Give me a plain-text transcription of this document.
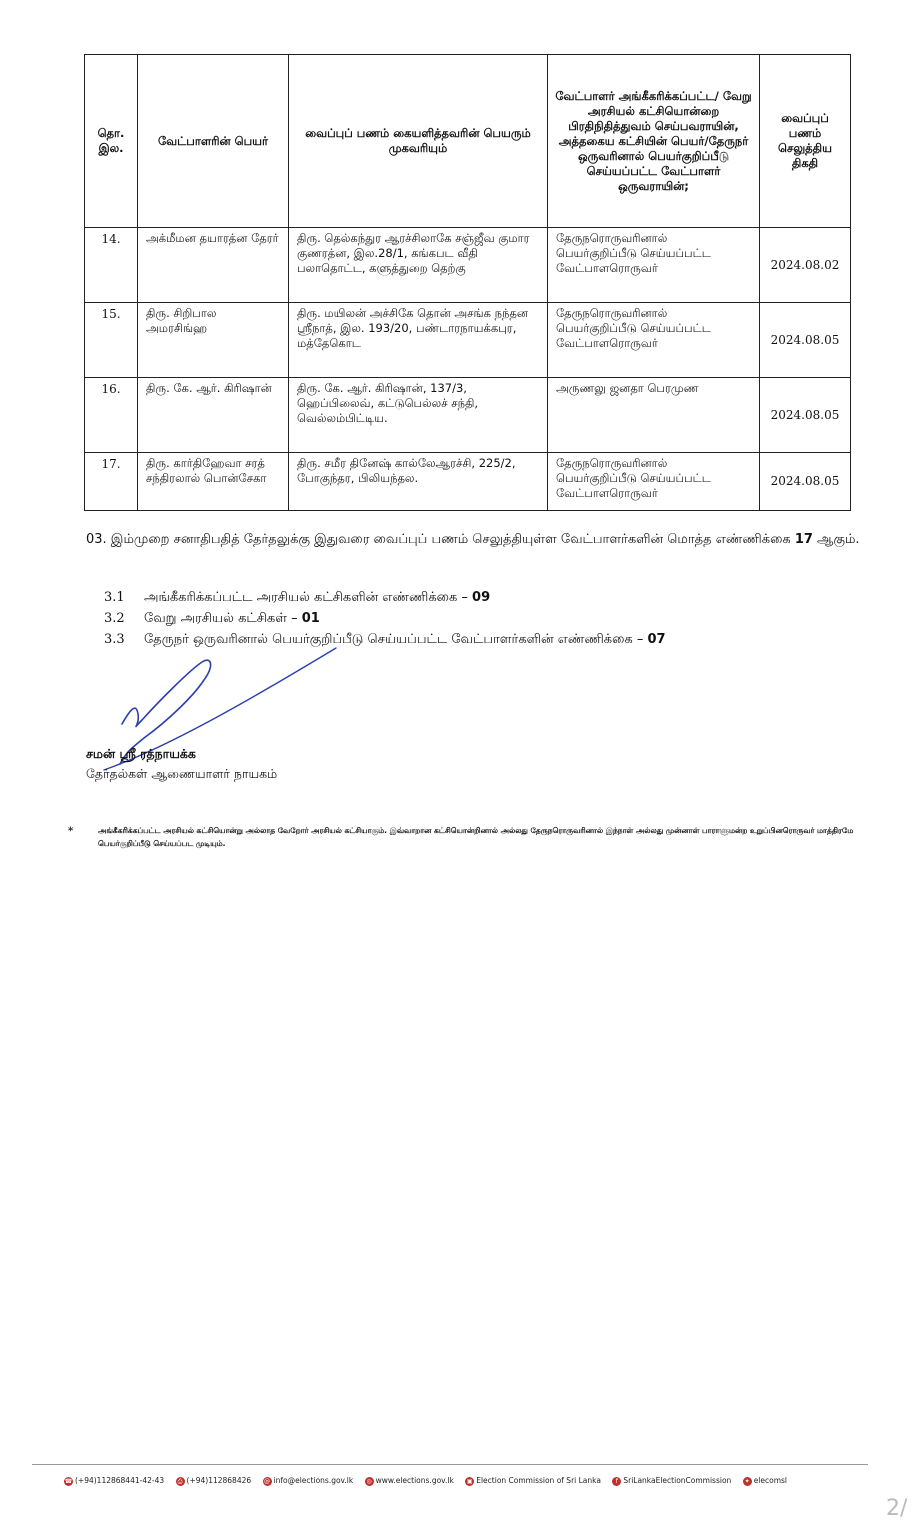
தொ. இல.	வேட்பாளரின் பெயர்	வைப்புப் பணம் கையளித்தவரின் பெயரும் முகவரியும்	வேட்பாளர் அங்கீகரிக்கப்பட்ட/ வேறு அரசியல் கட்சியொன்றை பிரதிநிதித்துவம் செய்பவராயின், அத்தகைய கட்சியின் பெயர்/தேருநர் ஒருவரினால் பெயர்குறிப்பீடு செய்யப்பட்ட வேட்பாளர் ஒருவராயின்;	வைப்புப் பணம் செலுத்திய திகதி
14.	அக்மீமன தயாரத்ன தேரர்	திரு. தெல்கந்துர ஆரச்சிலாகே சஞ்ஜீவ குமார குணரத்ன, இல.28/1, கங்கபட வீதி பலாதொட்ட, களுத்துறை தெற்கு	தேருநரொருவரினால் பெயர்குறிப்பீடு செய்யப்பட்ட வேட்பாளரொருவர்	2024.08.02
15.	திரு. சிறிபால அமரசிங்ஹ	திரு. மயிலன் அச்சிகே தொன் அசங்க நந்தன ஸ்ரீநாத், இல. 193/20, பண்டாரநாயக்கபுர, மத்தேகொட	தேருநரொருவரினால் பெயர்குறிப்பீடு செய்யப்பட்ட வேட்பாளரொருவர்	2024.08.05
16.	திரு. கே. ஆர். கிரிஷான்	திரு. கே. ஆர். கிரிஷான், 137/3, ஹெப்பிலைவ், கட்டுபெல்லச் சந்தி, வெல்லம்பிட்டிய.	அருணலு ஜனதா பெரமுண	2024.08.05
17.	திரு. கார்திஹேவா சரத் சந்திரலால் பொன்சேகா	திரு. சமீர தினேஷ் கால்லேஆரச்சி, 225/2, போகுந்தர, பிலியந்தல.	தேருநரொருவரினால் பெயர்குறிப்பீடு செய்யப்பட்ட வேட்பாளரொருவர்	2024.08.05
03. இம்முறை சனாதிபதித் தேர்தலுக்கு இதுவரை வைப்புப் பணம் செலுத்தியுள்ள வேட்பாளர்களின் மொத்த எண்ணிக்கை 17 ஆகும்.
3.1 அங்கீகரிக்கப்பட்ட அரசியல் கட்சிகளின் எண்ணிக்கை – 09
3.2 வேறு அரசியல் கட்சிகள் – 01
3.3 தேருநர் ஒருவரினால் பெயர்குறிப்பீடு செய்யப்பட்ட வேட்பாளர்களின் எண்ணிக்கை – 07
சமன் ஸ்ரீ ரத்நாயக்க
தேர்தல்கள் ஆணையாளர் நாயகம்
*	அங்கீகரிக்கப்பட்ட அரசியல் கட்சியொன்று அல்லாத வேறோர் அரசியல் கட்சியாகும். இவ்வாறான கட்சியொன்றினால் அல்லது தேருநரொருவரினால் இந்நாள் அல்லது முன்னாள் பாராளுமன்ற உறுப்பினரொருவர் மாத்திரமே பெயர்குறிப்பீடு செய்யப்பட முடியும்.
☎ (+94)112868441-42-43 ⎙ (+94)112868426 @ info@elections.gov.lk ◎ www.elections.gov.lk ▣ Election Commission of Sri Lanka f SriLankaElectionCommission ✦ elecomsl
2/
